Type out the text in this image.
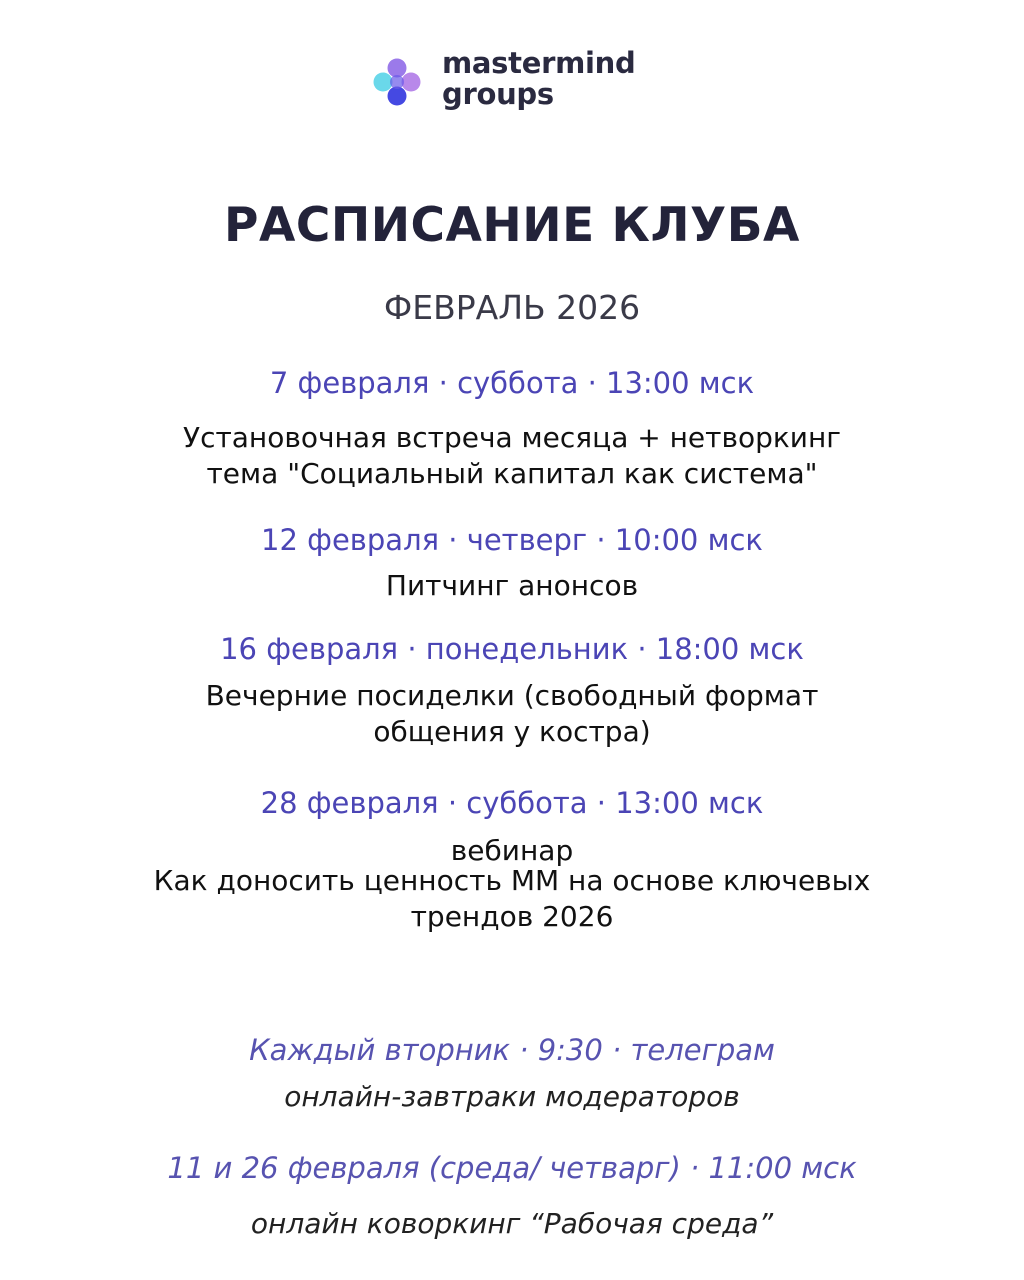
mastermind
groups
РАСПИСАНИЕ КЛУБА
ФЕВРАЛЬ 2026
7 февраля · суббота · 13:00 мск
Установочная встреча месяца + нетворкинг
тема "Социальный капитал как система"
12 февраля · четверг · 10:00 мск
Питчинг анонсов
16 февраля · понедельник · 18:00 мск
Вечерние посиделки (свободный формат
общения у костра)
28 февраля · суббота · 13:00 мск
вебинар
Как доносить ценность ММ на основе ключевых
трендов 2026
Каждый вторник · 9:30 · телеграм
онлайн-завтраки модераторов
11 и 26 февраля (среда/ четварг) · 11:00 мск
онлайн коворкинг “Рабочая среда”
